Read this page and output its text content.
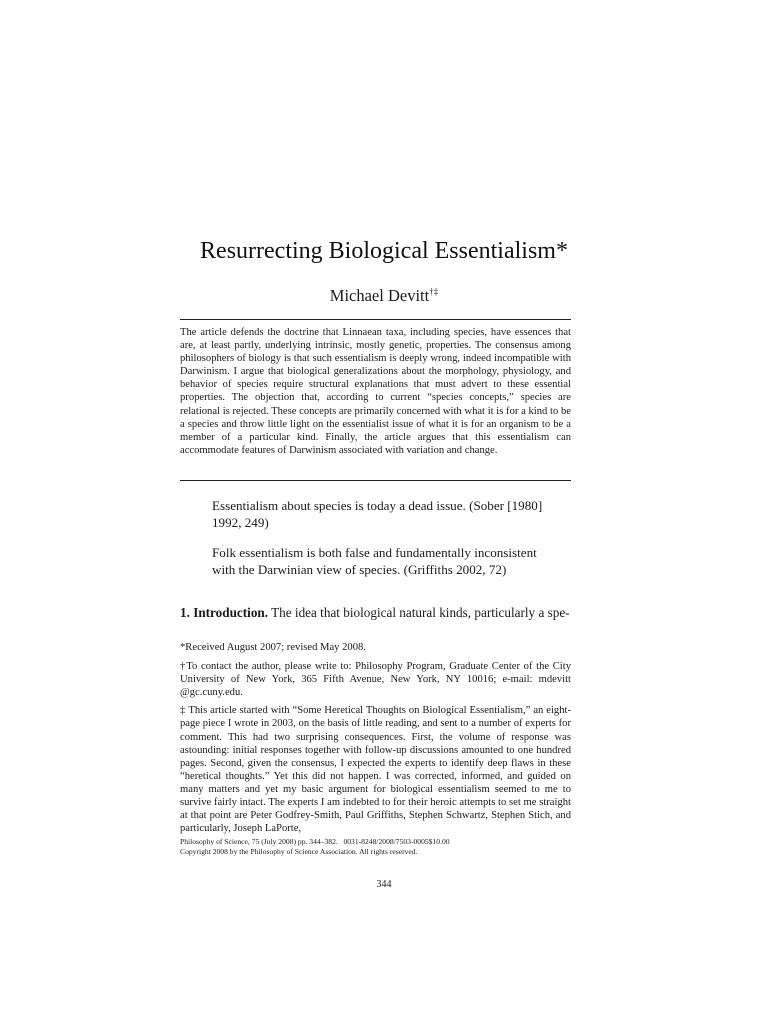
Resurrecting Biological Essentialism*
Michael Devitt†‡
The article defends the doctrine that Linnaean taxa, including species, have essences that are, at least partly, underlying intrinsic, mostly genetic, properties. The consensus among philosophers of biology is that such essentialism is deeply wrong, indeed incompatible with Darwinism. I argue that biological generalizations about the morphology, physiology, and behavior of species require structural explanations that must advert to these essential properties. The objection that, according to current “species concepts,” species are relational is rejected. These concepts are primarily concerned with what it is for a kind to be a species and throw little light on the essentialist issue of what it is for an organism to be a member of a particular kind. Finally, the article argues that this essentialism can accommodate features of Darwinism associated with variation and change.
Essentialism about species is today a dead issue. (Sober [1980] 1992, 249)
Folk essentialism is both false and fundamentally inconsistent with the Darwinian view of species. (Griffiths 2002, 72)
1. Introduction. The idea that biological natural kinds, particularly a spe-

*Received August 2007; revised May 2008.

†To contact the author, please write to: Philosophy Program, Graduate Center of the City University of New York, 365 Fifth Avenue, New York, NY 10016; e-mail: mdevitt @gc.cuny.edu.

‡ This article started with “Some Heretical Thoughts on Biological Essentialism,” an eight-page piece I wrote in 2003, on the basis of little reading, and sent to a number of experts for comment. This had two surprising consequences. First, the volume of response was astounding: initial responses together with follow-up discussions amounted to one hundred pages. Second, given the consensus, I expected the experts to identify deep flaws in these “heretical thoughts.” Yet this did not happen. I was corrected, informed, and guided on many matters and yet my basic argument for biological essentialism seemed to me to survive fairly intact. The experts I am indebted to for their heroic attempts to set me straight at that point are Peter Godfrey-Smith, Paul Griffiths, Stephen Schwartz, Stephen Stich, and particularly, Joseph LaPorte,

Philosophy of Science, 75 (July 2008) pp. 344–382.   0031-8248/2008/7503-0005$10.00
Copyright 2008 by the Philosophy of Science Association. All rights reserved.
344
